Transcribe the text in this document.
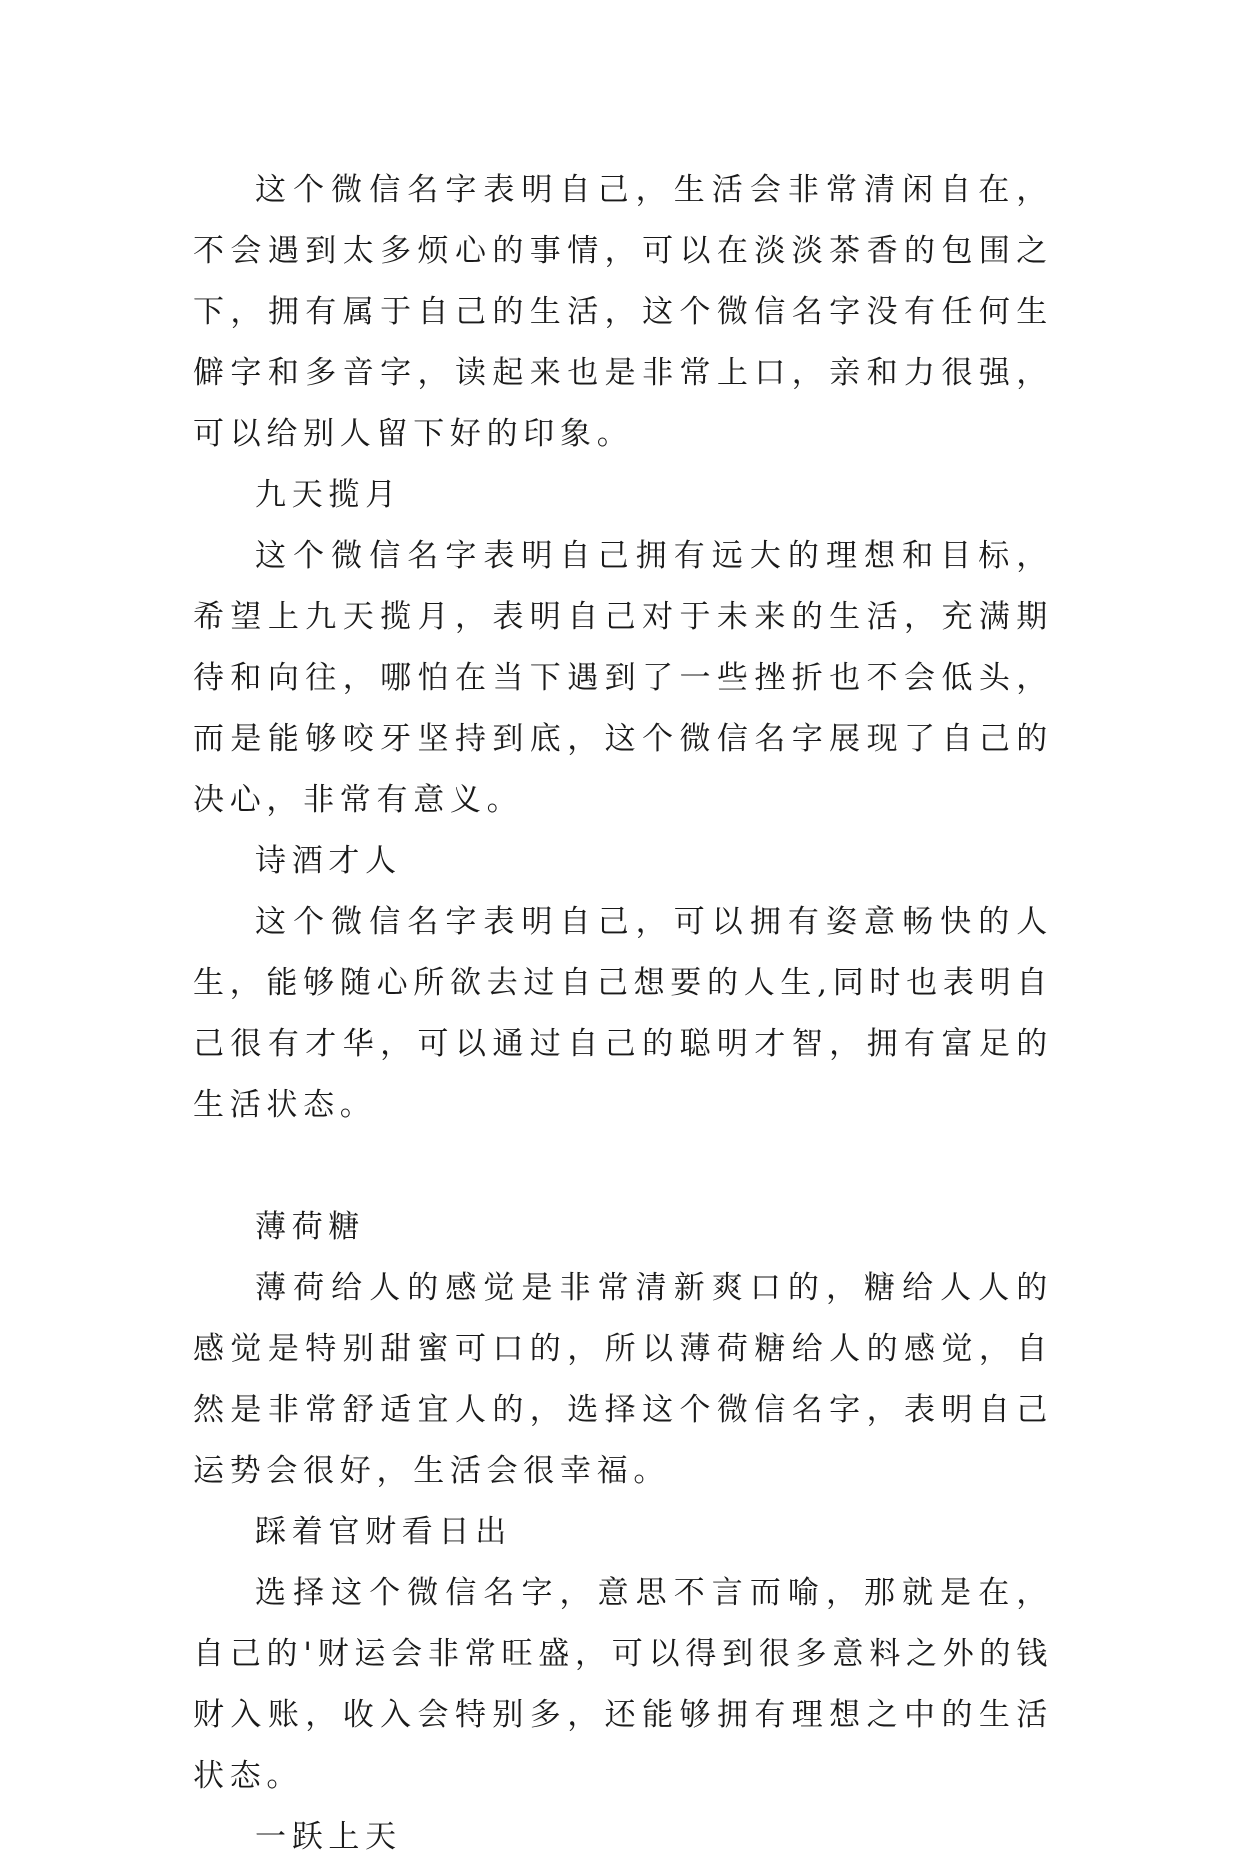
这个微信名字表明自己，生活会非常清闲自在，不会遇到太多烦心的事情，可以在淡淡茶香的包围之下，拥有属于自己的生活，这个微信名字没有任何生僻字和多音字，读起来也是非常上口，亲和力很强，可以给别人留下好的印象。

九天揽月

这个微信名字表明自己拥有远大的理想和目标，希望上九天揽月，表明自己对于未来的生活，充满期待和向往，哪怕在当下遇到了一些挫折也不会低头，而是能够咬牙坚持到底，这个微信名字展现了自己的决心，非常有意义。

诗酒才人

这个微信名字表明自己，可以拥有姿意畅快的人生，能够随心所欲去过自己想要的人生,同时也表明自己很有才华，可以通过自己的聪明才智，拥有富足的生活状态。

薄荷糖

薄荷给人的感觉是非常清新爽口的，糖给人人的感觉是特别甜蜜可口的，所以薄荷糖给人的感觉，自然是非常舒适宜人的，选择这个微信名字，表明自己运势会很好，生活会很幸福。

踩着官财看日出

选择这个微信名字，意思不言而喻，那就是在，自己的'财运会非常旺盛，可以得到很多意料之外的钱财入账，收入会特别多，还能够拥有理想之中的生活状态。

一跃上天
